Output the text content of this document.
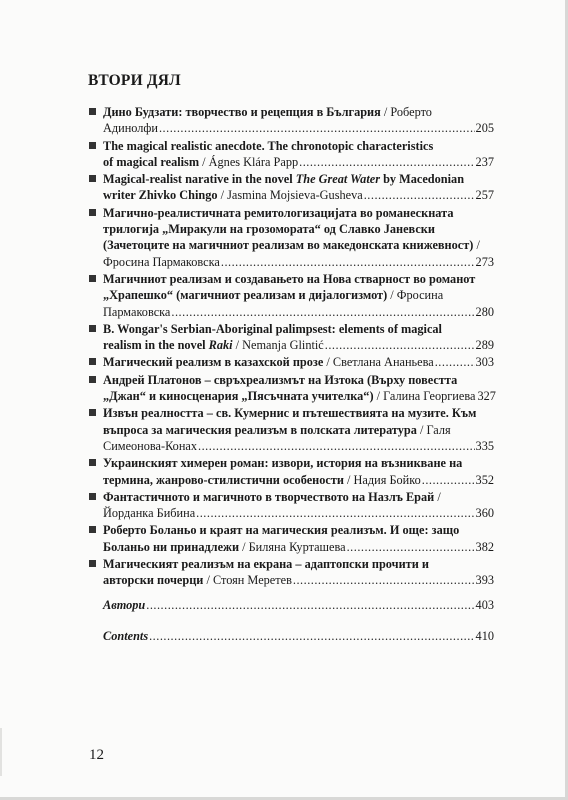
ВТОРИ ДЯЛ
Дино Будзати: творчество и рецепция в България / Роберто
Адинолфи .....	205
The magical realistic anecdote. The chronotopic characteristics
of magical realism / Ágnes Klára Papp .....	237
Magical-realist narative in the novel The Great Water by Macedonian
writer Zhivko Chingo / Jasmina Mojsieva-Gusheva .....	257
Магично-реалистичната ремитологизацијата во романескната
трилогија „Миракули на грозоморатa“ од Славко Јаневски
(Зачетоците на магичниот реализам во македонската книжевност) /
Фросина Пармаковска .....	273
Магичниот реализам и создавањето на Нова стварност во романот
„Храпешко“ (магичниот реализам и дијалогизмот) / Фросина
Пармаковска .....	280
B. Wongar's Serbian-Aboriginal palimpsest: elements of magical
realism in the novel Raki / Nemanja Glintić .....	289
Магический реализм в казахской прозе / Светлана Ананьева .....	303
Андрей Платонов – свръхреализмът на Изтока (Върху повестта
„Джан“ и киносценария „Пясъчната учителка“) / Галина Георгиева 327
Извън реалността – св. Кумернис и пътешествията на музите. Към
въпроса за магическия реализъм в полската литература / Галя
Симеонова-Конах .....	335
Украинският химерен роман: извори, история на възникване на
термина, жанрово-стилистични особености / Надия Бойко .....	352
Фантастичното и магичното в творчеството на Назлъ Ерай /
Йорданка Бибина .....	360
Роберто Боланьо и краят на магическия реализъм. И още: защо
Боланьо ни принадлежи / Биляна Курташева .....	382
Магическият реализъм на екрана – адаптопски прочити и
авторски почерци / Стоян Меретев .....	393
Автори .....	403
Contents .....	410
12
